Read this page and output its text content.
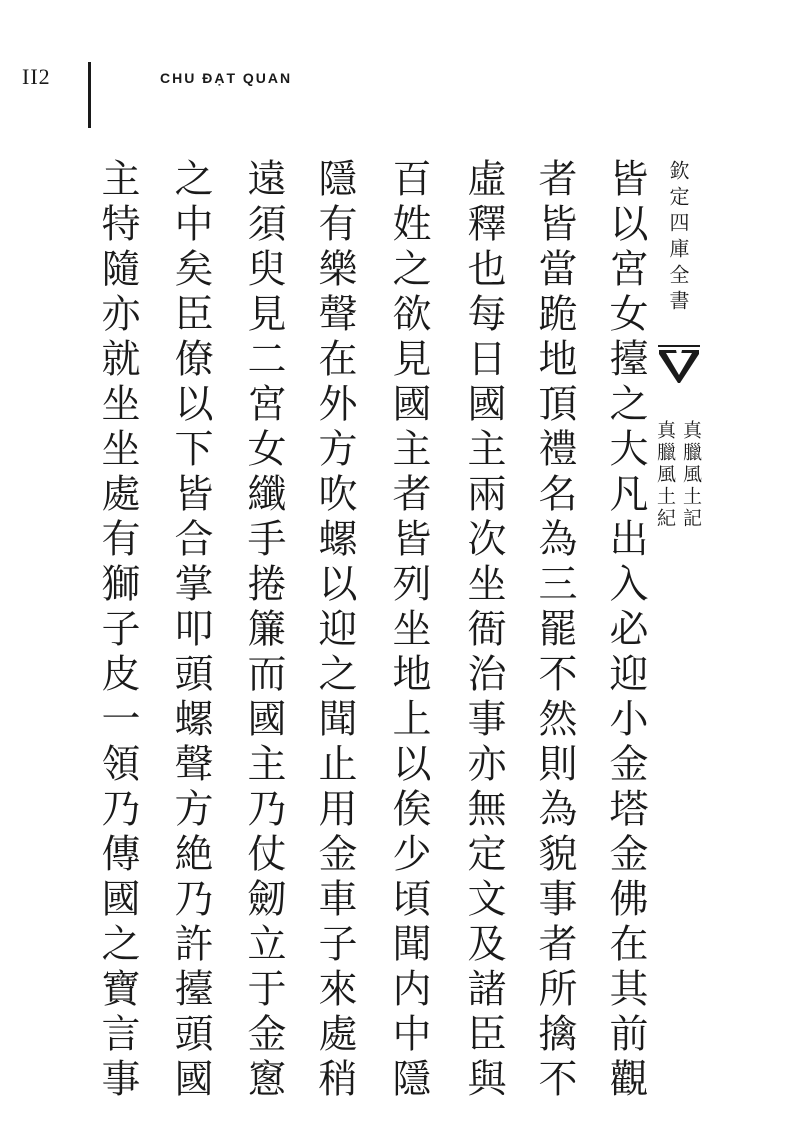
II2	CHU ĐẠT QUAN
欽定四庫全書
真臘風土記
真臘風土紀
皆以宮女擡之大凡出入必迎小金塔金佛在其前觀
者皆當跪地頂禮名為三罷不然則為貌事者所擒不
虛釋也每日國主兩次坐衙治事亦無定文及諸臣與
百姓之欲見國主者皆列坐地上以俟少頃聞内中隱
隱有樂聲在外方吹螺以迎之聞止用金車子來處稍
遠須臾見二宮女纖手捲簾而國主乃仗劒立于金窻
之中矣臣僚以下皆合掌叩頭螺聲方絶乃許擡頭國
主特隨亦就坐坐處有獅子皮一領乃傳國之寶言事
